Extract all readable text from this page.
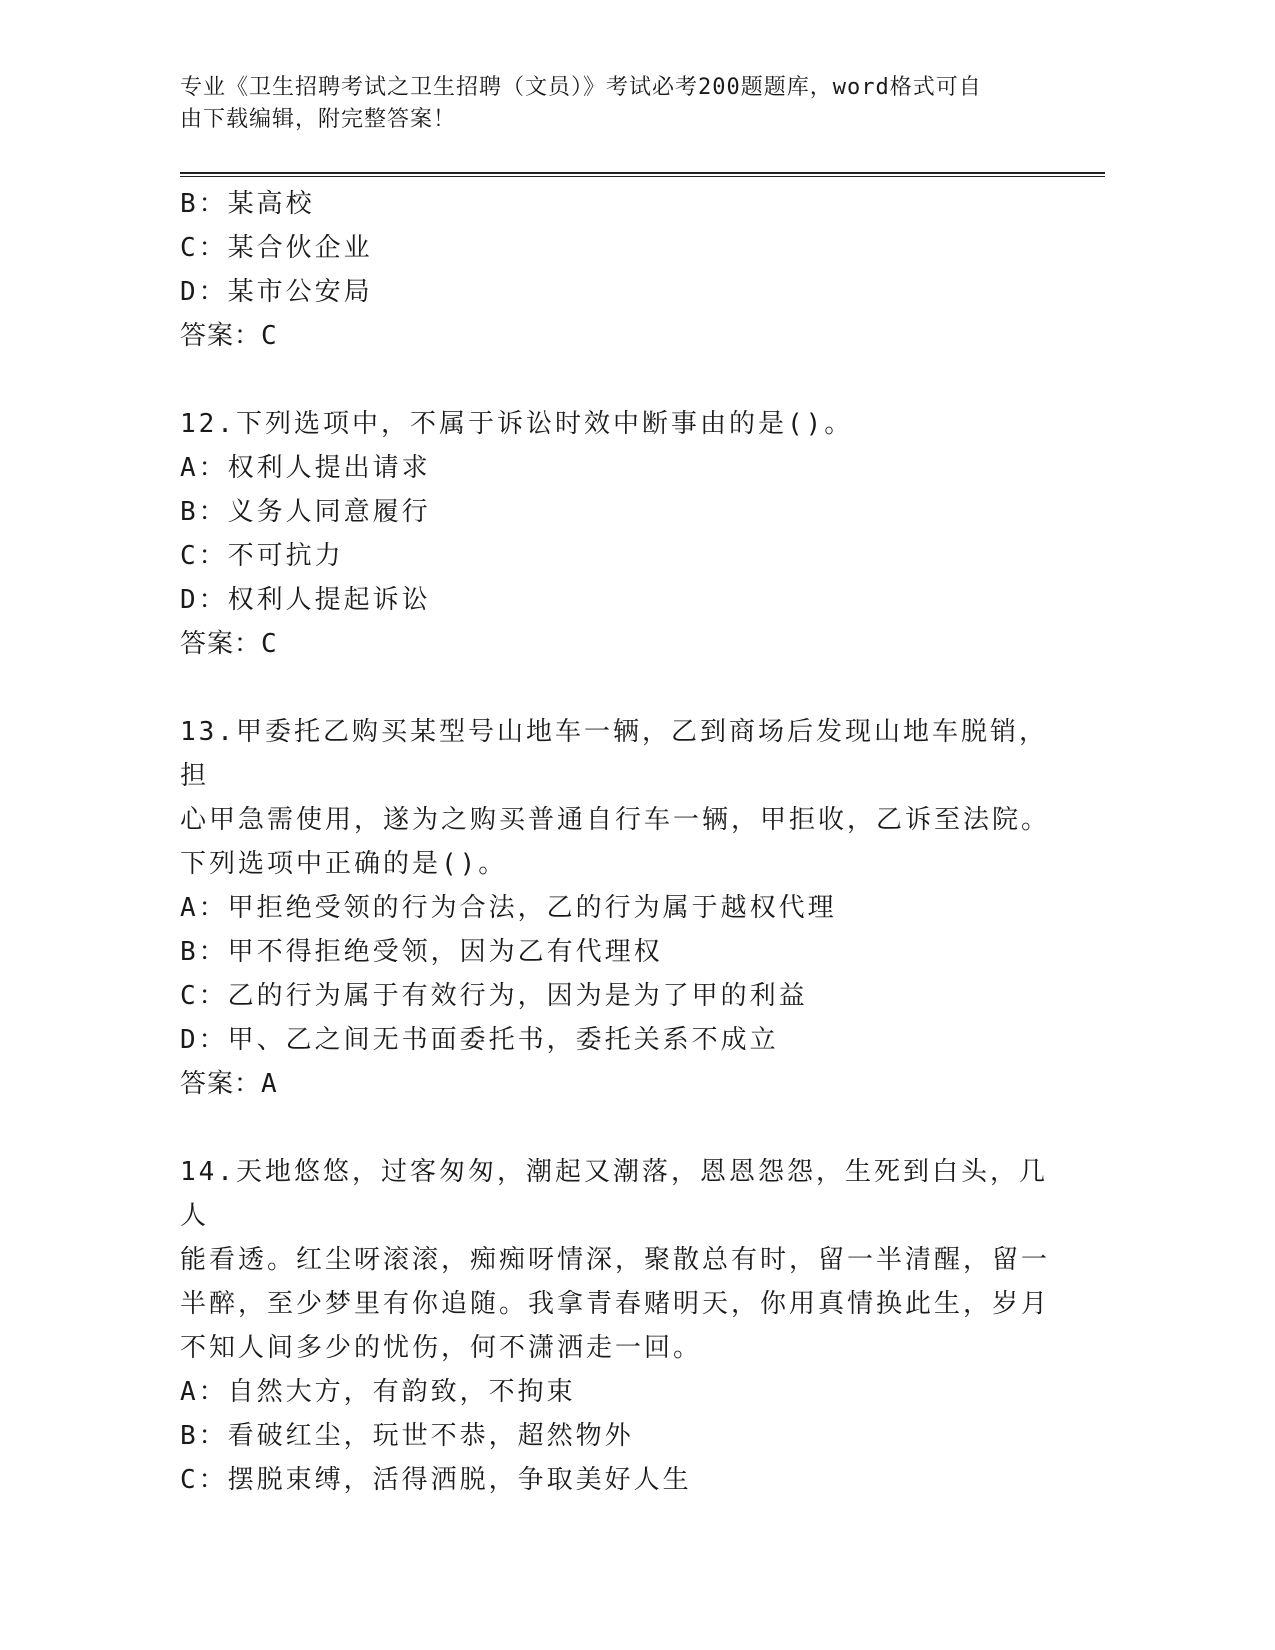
专业《卫生招聘考试之卫生招聘（文员）》考试必考200题题库，word格式可自
由下载编辑，附完整答案！
B：某高校
C：某合伙企业
D：某市公安局
答案：C
12.下列选项中，不属于诉讼时效中断事由的是()。
A：权利人提出请求
B：义务人同意履行
C：不可抗力
D：权利人提起诉讼
答案：C
13.甲委托乙购买某型号山地车一辆，乙到商场后发现山地车脱销，担
心甲急需使用，遂为之购买普通自行车一辆，甲拒收，乙诉至法院。
下列选项中正确的是()。
A：甲拒绝受领的行为合法，乙的行为属于越权代理
B：甲不得拒绝受领，因为乙有代理权
C：乙的行为属于有效行为，因为是为了甲的利益
D：甲、乙之间无书面委托书，委托关系不成立
答案：A
14.天地悠悠，过客匆匆，潮起又潮落，恩恩怨怨，生死到白头，几人
能看透。红尘呀滚滚，痴痴呀情深，聚散总有时，留一半清醒，留一
半醉，至少梦里有你追随。我拿青春赌明天，你用真情换此生，岁月
不知人间多少的忧伤，何不潇洒走一回。
A：自然大方，有韵致，不拘束
B：看破红尘，玩世不恭，超然物外
C：摆脱束缚，活得洒脱，争取美好人生
